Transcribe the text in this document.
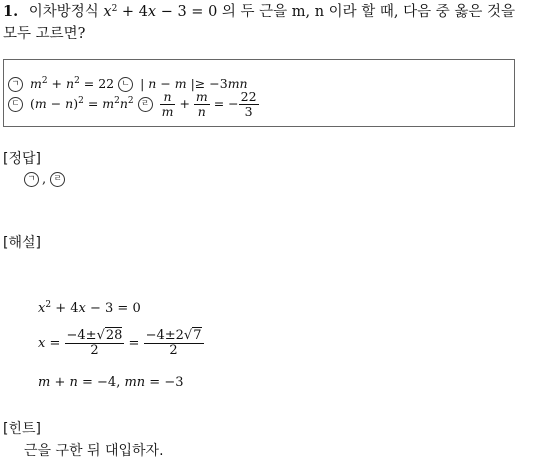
1. 이차방정식 $x^2 + 4x - 3 = 0$ 의 두 근을 m, n 이라 할 때, 다음 중 옳은 것을
모두 고르면?
ㄱ $m^2 + n^2 = 22$ ㄴ | n − m |≥ −3mn
ㄷ $(m - n)^2 = m^2n^2$ ㄹ $\frac{n}{m} + \frac{m}{n}$ = − $\frac{22}{3}$
[정답]
ㄱ , ㄹ
[해설]
$x^2 + 4x - 3 = 0$
$x = \frac{-4\pm√28}{2} = \frac{-4\pm 2√7}{2}$
m + n = −4, mn = −3
[힌트]
근을 구한 뒤 대입하자.
